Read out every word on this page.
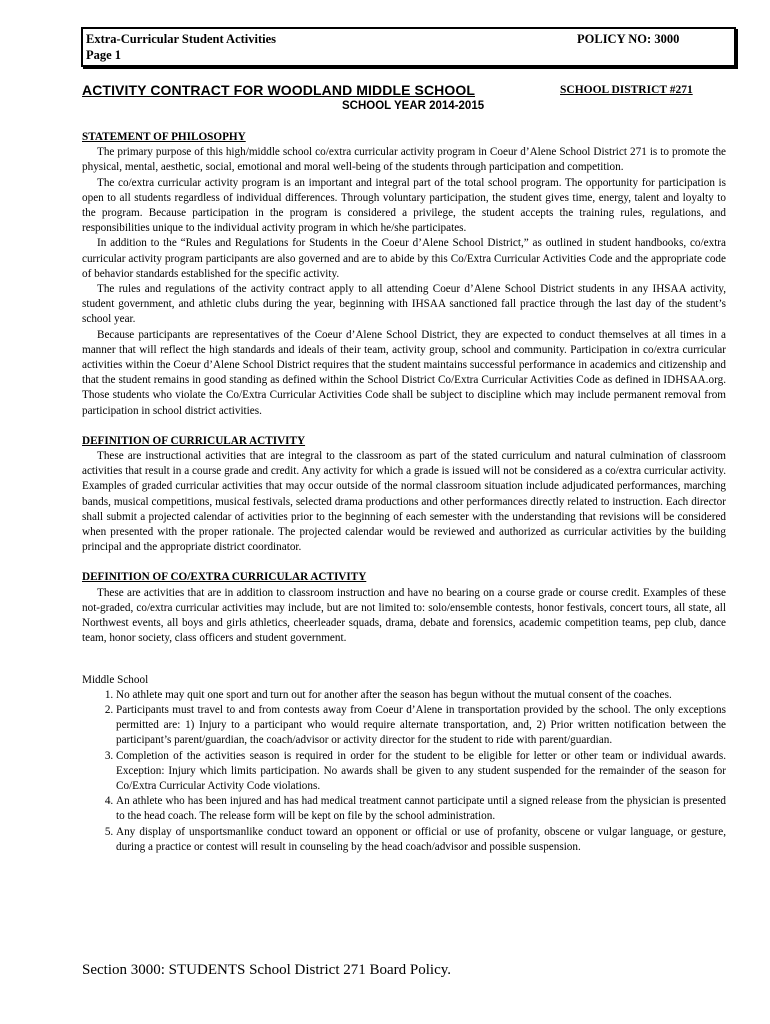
Extra-Curricular Student Activities
Page 1
POLICY NO: 3000
ACTIVITY CONTRACT FOR WOODLAND MIDDLE SCHOOL	SCHOOL DISTRICT #271
SCHOOL YEAR 2014-2015
STATEMENT OF PHILOSOPHY

The primary purpose of this high/middle school co/extra curricular activity program in Coeur d’Alene School District 271 is to promote the physical, mental, aesthetic, social, emotional and moral well-being of the students through participation and competition.

The co/extra curricular activity program is an important and integral part of the total school program. The opportunity for participation is open to all students regardless of individual differences. Through voluntary participation, the student gives time, energy, talent and loyalty to the program. Because participation in the program is considered a privilege, the student accepts the training rules, regulations, and responsibilities unique to the individual activity program in which he/she participates.

In addition to the “Rules and Regulations for Students in the Coeur d’Alene School District,” as outlined in student handbooks, co/extra curricular activity program participants are also governed and are to abide by this Co/Extra Curricular Activities Code and the appropriate code of behavior standards established for the specific activity.

The rules and regulations of the activity contract apply to all attending Coeur d’Alene School District students in any IHSAA activity, student government, and athletic clubs during the year, beginning with IHSAA sanctioned fall practice through the last day of the student’s school year.

Because participants are representatives of the Coeur d’Alene School District, they are expected to conduct themselves at all times in a manner that will reflect the high standards and ideals of their team, activity group, school and community. Participation in co/extra curricular activities within the Coeur d’Alene School District requires that the student maintains successful performance in academics and citizenship and that the student remains in good standing as defined within the School District Co/Extra Curricular Activities Code as defined in IDHSAA.org. Those students who violate the Co/Extra Curricular Activities Code shall be subject to discipline which may include permanent removal from participation in school district activities.

DEFINITION OF CURRICULAR ACTIVITY

These are instructional activities that are integral to the classroom as part of the stated curriculum and natural culmination of classroom activities that result in a course grade and credit. Any activity for which a grade is issued will not be considered as a co/extra curricular activity. Examples of graded curricular activities that may occur outside of the normal classroom situation include adjudicated performances, marching bands, musical competitions, musical festivals, selected drama productions and other performances directly related to instruction. Each director shall submit a projected calendar of activities prior to the beginning of each semester with the understanding that revisions will be considered when presented with the proper rationale. The projected calendar would be reviewed and authorized as curricular activities by the building principal and the appropriate district coordinator.

DEFINITION OF CO/EXTRA CURRICULAR ACTIVITY

These are activities that are in addition to classroom instruction and have no bearing on a course grade or course credit. Examples of these not-graded, co/extra curricular activities may include, but are not limited to: solo/ensemble contests, honor festivals, concert tours, all state, all Northwest events, all boys and girls athletics, cheerleader squads, drama, debate and forensics, academic competition teams, pep club, dance team, honor society, class officers and student government.

Middle School
1. No athlete may quit one sport and turn out for another after the season has begun without the mutual consent of the coaches.
2. Participants must travel to and from contests away from Coeur d’Alene in transportation provided by the school. The only exceptions permitted are: 1) Injury to a participant who would require alternate transportation, and, 2) Prior written notification between the participant’s parent/guardian, the coach/advisor or activity director for the student to ride with parent/guardian.
3. Completion of the activities season is required in order for the student to be eligible for letter or other team or individual awards. Exception: Injury which limits participation. No awards shall be given to any student suspended for the remainder of the season for Co/Extra Curricular Activity Code violations.
4. An athlete who has been injured and has had medical treatment cannot participate until a signed release from the physician is presented to the head coach. The release form will be kept on file by the school administration.
5. Any display of unsportsmanlike conduct toward an opponent or official or use of profanity, obscene or vulgar language, or gesture, during a practice or contest will result in counseling by the head coach/advisor and possible suspension.
Section 3000: STUDENTS School District 271 Board Policy.
